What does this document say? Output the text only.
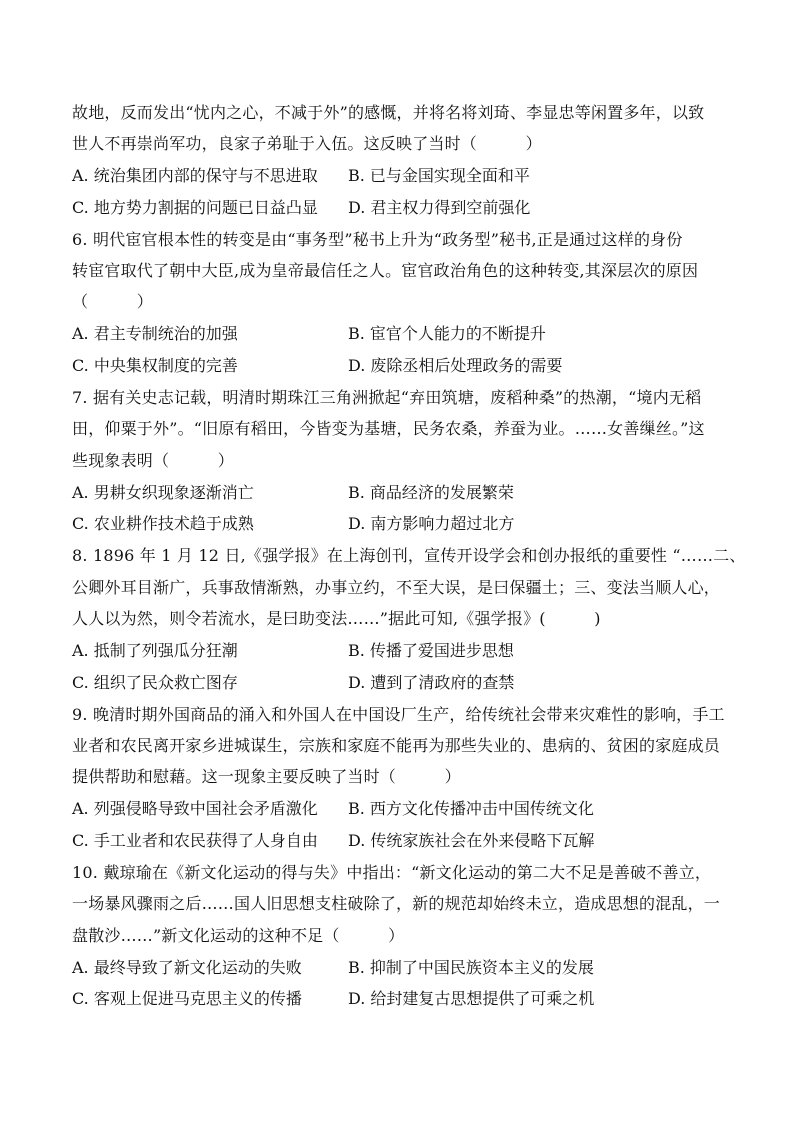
故地，反而发出“忧内之心，不减于外”的感慨，并将名将刘琦、李显忠等闲置多年，以致
世人不再崇尚军功，良家子弟耻于入伍。这反映了当时（　　　）
A. 统治集团内部的保守与不思进取 B. 已与金国实现全面和平
C. 地方势力割据的问题已日益凸显 D. 君主权力得到空前强化
6. 明代宦官根本性的转变是由“事务型”秘书上升为“政务型”秘书,正是通过这样的身份
转宦官取代了朝中大臣,成为皇帝最信任之人。宦官政治角色的这种转变,其深层次的原因
（　　　）
A. 君主专制统治的加强	B. 宦官个人能力的不断提升
C. 中央集权制度的完善	D. 废除丞相后处理政务的需要
7. 据有关史志记载，明清时期珠江三角洲掀起“弃田筑塘，废稻种桑”的热潮，“境内无稻
田，仰粟于外”。“旧原有稻田，今皆变为基塘，民务农桑，养蚕为业。……女善缫丝。”这
些现象表明（　　　）
A. 男耕女织现象逐渐消亡	B. 商品经济的发展繁荣
C. 农业耕作技术趋于成熟	D. 南方影响力超过北方
8. 1896 年 1 月 12 日,《强学报》在上海创刊，宣传开设学会和创办报纸的重要性 “……二、
公卿外耳目渐广，兵事敌情渐熟，办事立约，不至大误，是曰保疆土；三、变法当顺人心，
人人以为然，则令若流水，是曰助变法……”据此可知,《强学报》(　　　)
A. 抵制了列强瓜分狂潮	B. 传播了爱国进步思想
C. 组织了民众救亡图存	D. 遭到了清政府的查禁
9. 晚清时期外国商品的涌入和外国人在中国设厂生产，给传统社会带来灾难性的影响，手工
业者和农民离开家乡进城谋生，宗族和家庭不能再为那些失业的、患病的、贫困的家庭成员
提供帮助和慰藉。这一现象主要反映了当时（　　　）
A. 列强侵略导致中国社会矛盾激化 B. 西方文化传播冲击中国传统文化
C. 手工业者和农民获得了人身自由 D. 传统家族社会在外来侵略下瓦解
10. 戴琼瑜在《新文化运动的得与失》中指出：“新文化运动的第二大不足是善破不善立，
一场暴风骤雨之后……国人旧思想支柱破除了，新的规范却始终未立，造成思想的混乱，一
盘散沙……”新文化运动的这种不足（　　　）
A. 最终导致了新文化运动的失败	B. 抑制了中国民族资本主义的发展
C. 客观上促进马克思主义的传播	D. 给封建复古思想提供了可乘之机
